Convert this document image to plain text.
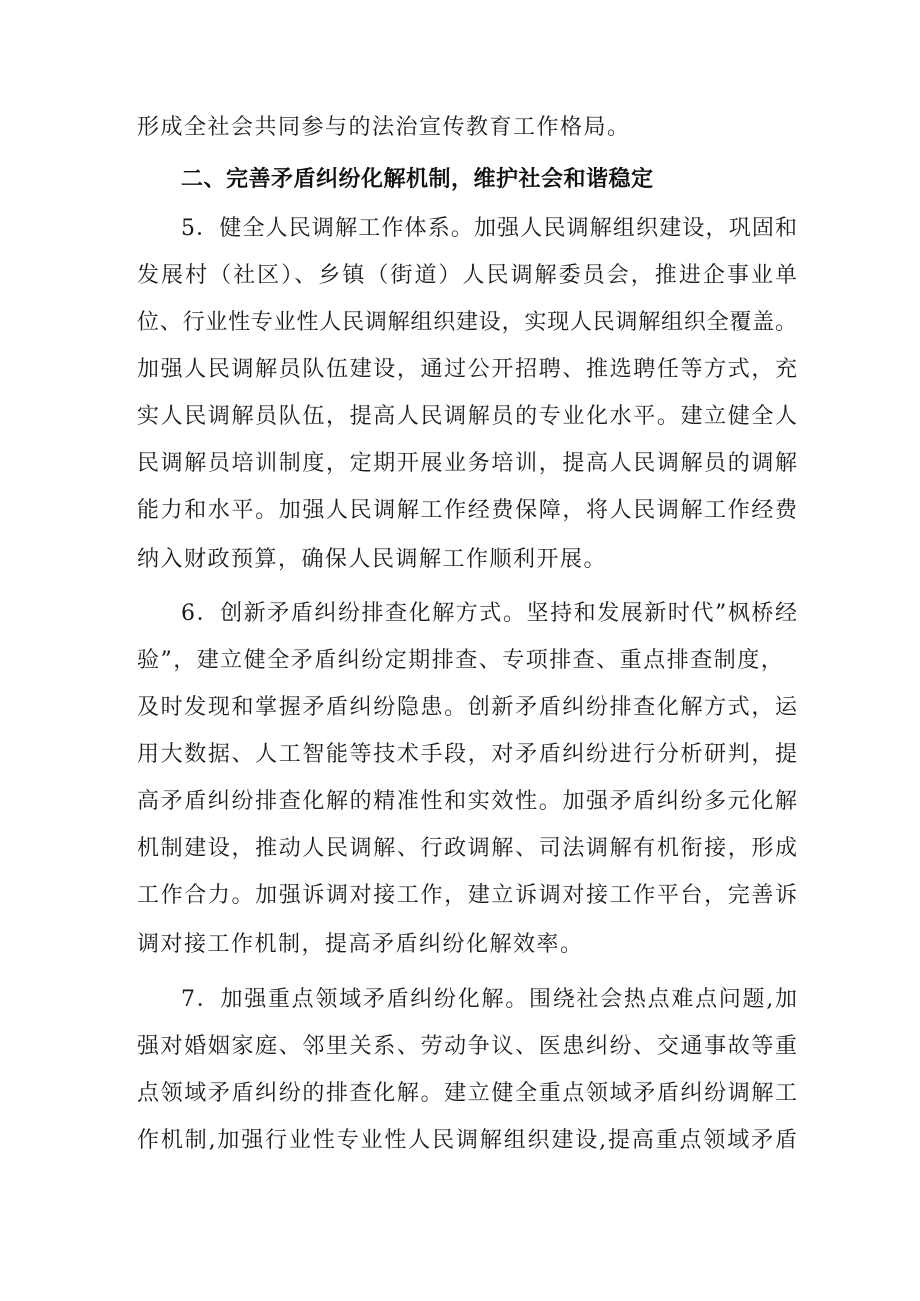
形成全社会共同参与的法治宣传教育工作格局。
二、完善矛盾纠纷化解机制，维护社会和谐稳定
5．健全人民调解工作体系。加强人民调解组织建设，巩固和
发展村（社区）、乡镇（街道）人民调解委员会，推进企事业单
位、行业性专业性人民调解组织建设，实现人民调解组织全覆盖。
加强人民调解员队伍建设，通过公开招聘、推选聘任等方式，充
实人民调解员队伍，提高人民调解员的专业化水平。建立健全人
民调解员培训制度，定期开展业务培训，提高人民调解员的调解
能力和水平。加强人民调解工作经费保障，将人民调解工作经费
纳入财政预算，确保人民调解工作顺利开展。
6．创新矛盾纠纷排查化解方式。坚持和发展新时代”枫桥经
验”，建立健全矛盾纠纷定期排查、专项排查、重点排查制度，
及时发现和掌握矛盾纠纷隐患。创新矛盾纠纷排查化解方式，运
用大数据、人工智能等技术手段，对矛盾纠纷进行分析研判，提
高矛盾纠纷排查化解的精准性和实效性。加强矛盾纠纷多元化解
机制建设，推动人民调解、行政调解、司法调解有机衔接，形成
工作合力。加强诉调对接工作，建立诉调对接工作平台，完善诉
调对接工作机制，提高矛盾纠纷化解效率。
7．加强重点领域矛盾纠纷化解。围绕社会热点难点问题,加
强对婚姻家庭、邻里关系、劳动争议、医患纠纷、交通事故等重
点领域矛盾纠纷的排查化解。建立健全重点领域矛盾纠纷调解工
作机制,加强行业性专业性人民调解组织建设,提高重点领域矛盾
